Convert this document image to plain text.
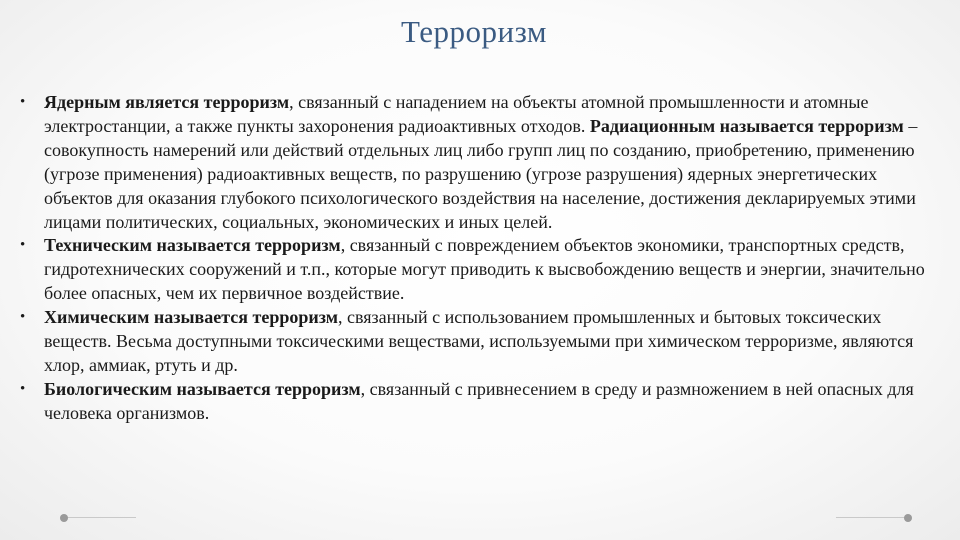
Терроризм
• Ядерным является терроризм, связанный с нападением на объекты атомной промышленности и атомные электростанции, а также пункты захоронения радиоактивных отходов. Радиационным называется терроризм – совокупность намерений или действий отдельных лиц либо групп лиц по созданию, приобретению, применению (угрозе применения) радиоактивных веществ, по разрушению (угрозе разрушения) ядерных энергетических объектов для оказания глубокого психологического воздействия на население, достижения декларируемых этими лицами политических, социальных, экономических и иных целей.
• Техническим называется терроризм, связанный с повреждением объектов экономики, транспортных средств, гидротехнических сооружений и т.п., которые могут приводить к высвобождению веществ и энергии, значительно более опасных, чем их первичное воздействие.
• Химическим называется терроризм, связанный с использованием промышленных и бытовых токсических веществ. Весьма доступными токсическими веществами, используемыми при химическом терроризме, являются хлор, аммиак, ртуть и др.
• Биологическим называется терроризм, связанный с привнесением в среду и размножением в ней опасных для человека организмов.
